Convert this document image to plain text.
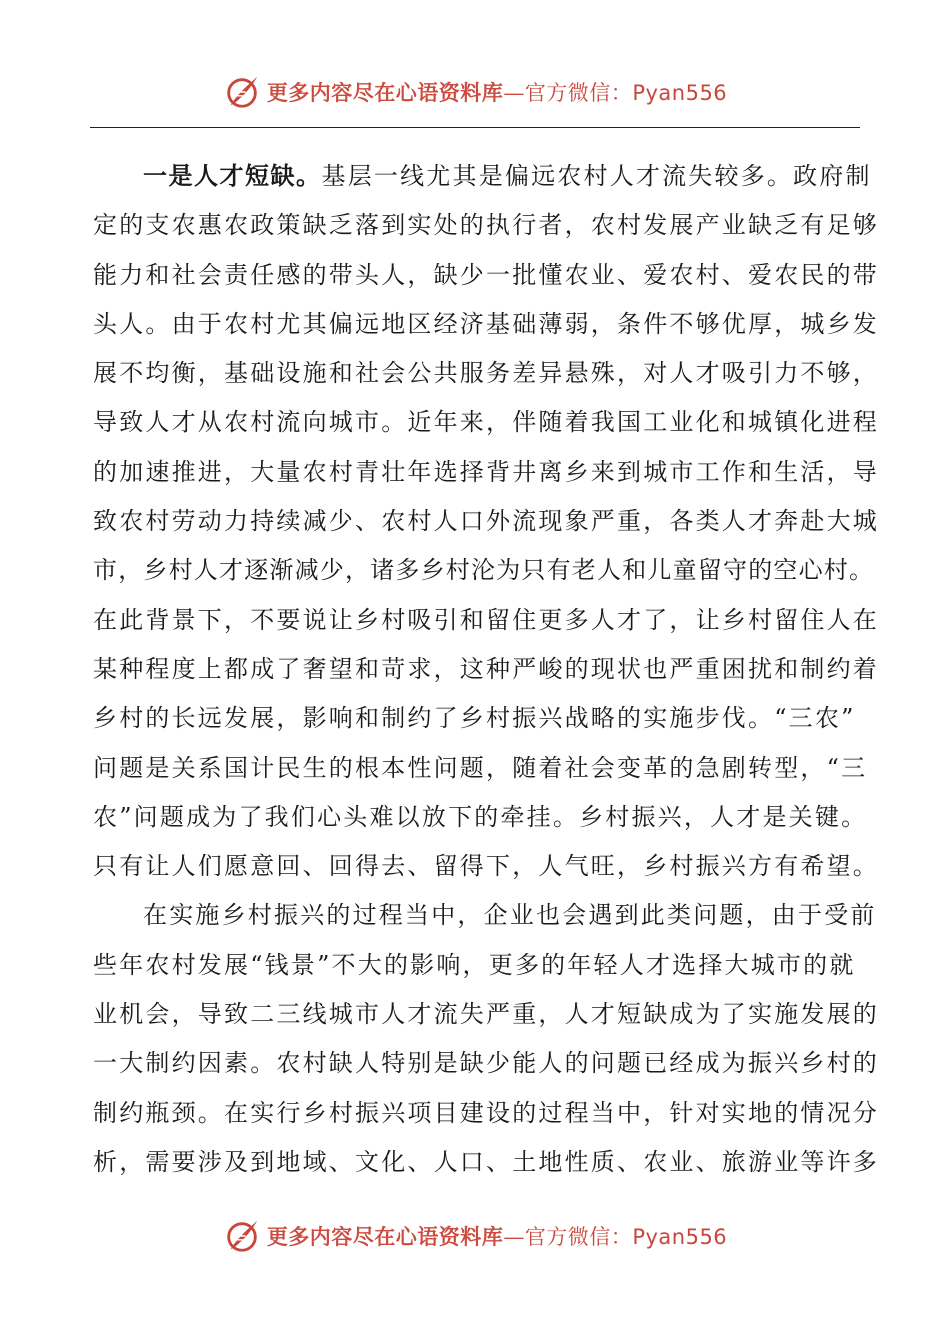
更多内容尽在心语资料库—官方微信：Pyan556
一是人才短缺。基层一线尤其是偏远农村人才流失较多。政府制
定的支农惠农政策缺乏落到实处的执行者，农村发展产业缺乏有足够
能力和社会责任感的带头人，缺少一批懂农业、爱农村、爱农民的带
头人。由于农村尤其偏远地区经济基础薄弱，条件不够优厚，城乡发
展不均衡，基础设施和社会公共服务差异悬殊，对人才吸引力不够，
导致人才从农村流向城市。近年来，伴随着我国工业化和城镇化进程
的加速推进，大量农村青壮年选择背井离乡来到城市工作和生活，导
致农村劳动力持续减少、农村人口外流现象严重，各类人才奔赴大城
市，乡村人才逐渐减少，诸多乡村沦为只有老人和儿童留守的空心村。
在此背景下，不要说让乡村吸引和留住更多人才了，让乡村留住人在
某种程度上都成了奢望和苛求，这种严峻的现状也严重困扰和制约着
乡村的长远发展，影响和制约了乡村振兴战略的实施步伐。“三农”
问题是关系国计民生的根本性问题，随着社会变革的急剧转型，“三
农”问题成为了我们心头难以放下的牵挂。乡村振兴，人才是关键。
只有让人们愿意回、回得去、留得下，人气旺，乡村振兴方有希望。
在实施乡村振兴的过程当中，企业也会遇到此类问题，由于受前
些年农村发展“钱景”不大的影响，更多的年轻人才选择大城市的就
业机会，导致二三线城市人才流失严重，人才短缺成为了实施发展的
一大制约因素。农村缺人特别是缺少能人的问题已经成为振兴乡村的
制约瓶颈。在实行乡村振兴项目建设的过程当中，针对实地的情况分
析，需要涉及到地域、文化、人口、土地性质、农业、旅游业等许多
更多内容尽在心语资料库—官方微信：Pyan556
